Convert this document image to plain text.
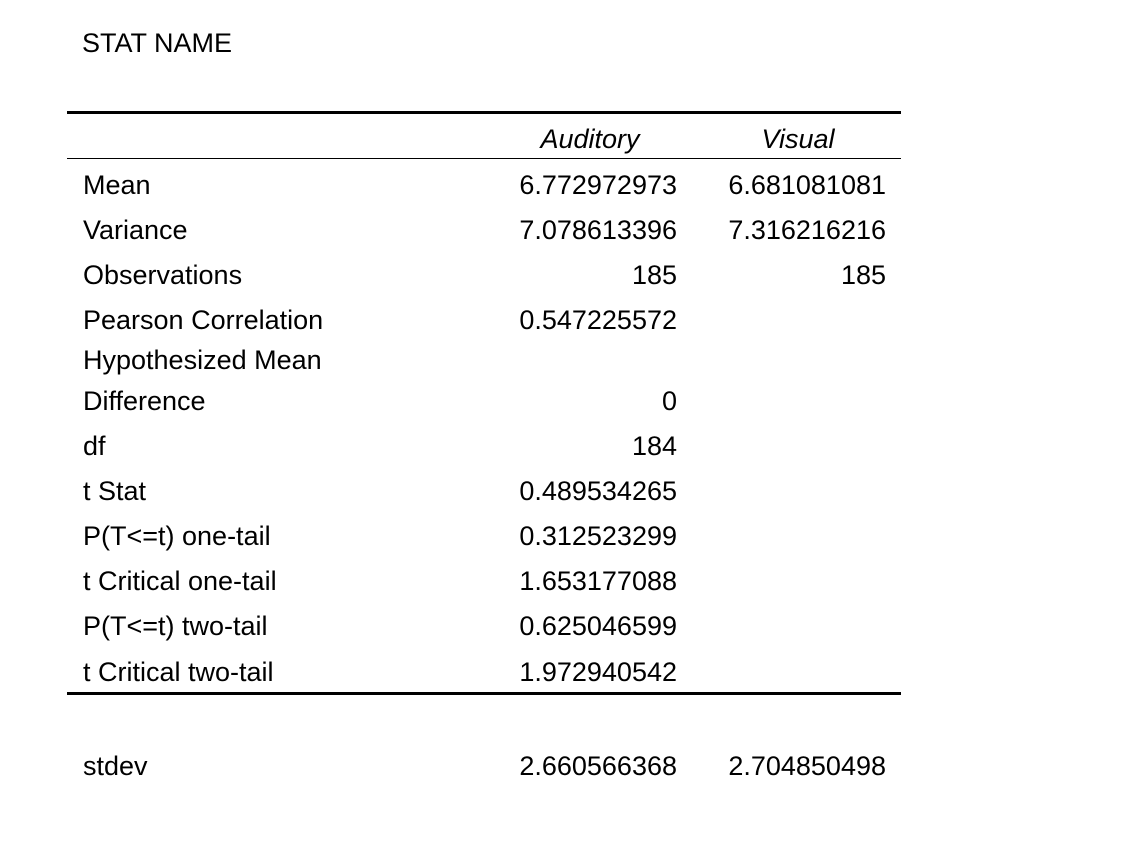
STAT NAME
Auditory	Visual
Mean	6.772972973 6.681081081
Variance	7.078613396 7.316216216
Observations	185	185
Pearson Correlation	0.547225572
Hypothesized Mean
Difference	0
df	184
t Stat	0.489534265
P(T<=t) one-tail	0.312523299
t Critical one-tail	1.653177088
P(T<=t) two-tail	0.625046599
t Critical two-tail	1.972940542
stdev	2.660566368 2.704850498
